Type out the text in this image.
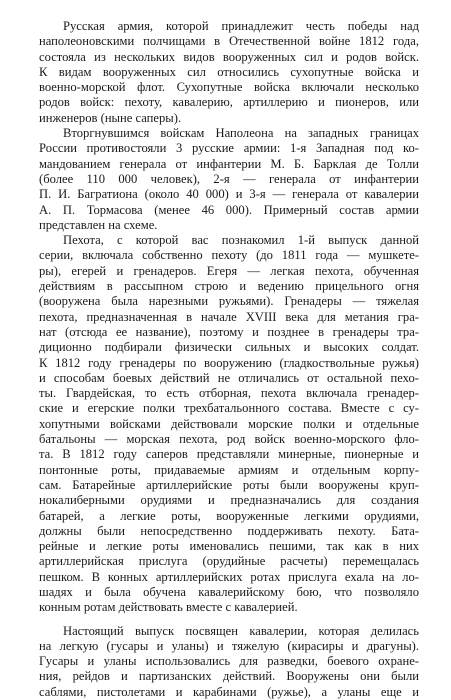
Русская армия, которой принадлежит честь победы над
наполеоновскими полчищами в Отечественной войне 1812 года,
состояла из нескольких видов вооруженных сил и родов войск.
К видам вооруженных сил относились сухопутные войска и
военно-морской флот. Сухопутные войска включали несколько
родов войск: пехоту, кавалерию, артиллерию и пионеров, или
инженеров (ныне саперы).
Вторгнувшимся войскам Наполеона на западных границах
России противостояли 3 русские армии: 1-я Западная под ко-
мандованием генерала от инфантерии М. Б. Барклая де Толли
(более 110 000 человек), 2-я — генерала от инфантерии
П. И. Багратиона (около 40 000) и 3-я — генерала от кавалерии
А. П. Тормасова (менее 46 000). Примерный состав армии
представлен на схеме.
Пехота, с которой вас познакомил 1-й выпуск данной
серии, включала собственно пехоту (до 1811 года — мушкете-
ры), егерей и гренадеров. Егеря — легкая пехота, обученная
действиям в рассыпном строю и ведению прицельного огня
(вооружена была нарезными ружьями). Гренадеры — тяжелая
пехота, предназначенная в начале XVIII века для метания гра-
нат (отсюда ее название), поэтому и позднее в гренадеры тра-
диционно подбирали физически сильных и высоких солдат.
К 1812 году гренадеры по вооружению (гладкоствольные ружья)
и способам боевых действий не отличались от остальной пехо-
ты. Гвардейская, то есть отборная, пехота включала гренадер-
ские и егерские полки трехбатальонного состава. Вместе с су-
хопутными войсками действовали морские полки и отдельные
батальоны — морская пехота, род войск военно-морского фло-
та. В 1812 году саперов представляли минерные, пионерные и
понтонные роты, придаваемые армиям и отдельным корпу-
сам. Батарейные артиллерийские роты были вооружены круп-
нокалиберными орудиями и предназначались для создания
батарей, а легкие роты, вооруженные легкими орудиями,
должны были непосредственно поддерживать пехоту. Бата-
рейные и легкие роты именовались пешими, так как в них
артиллерийская прислуга (орудийные расчеты) перемещалась
пешком. В конных артиллерийских ротах прислуга ехала на ло-
шадях и была обучена кавалерийскому бою, что позволяло
конным ротам действовать вместе с кавалерией.
Настоящий выпуск посвящен кавалерии, которая делилась
на легкую (гусары и уланы) и тяжелую (кирасиры и драгуны).
Гусары и уланы использовались для разведки, боевого охране-
ния, рейдов и партизанских действий. Вооружены они были
саблями, пистолетами и карабинами (ружье), а уланы еще и
